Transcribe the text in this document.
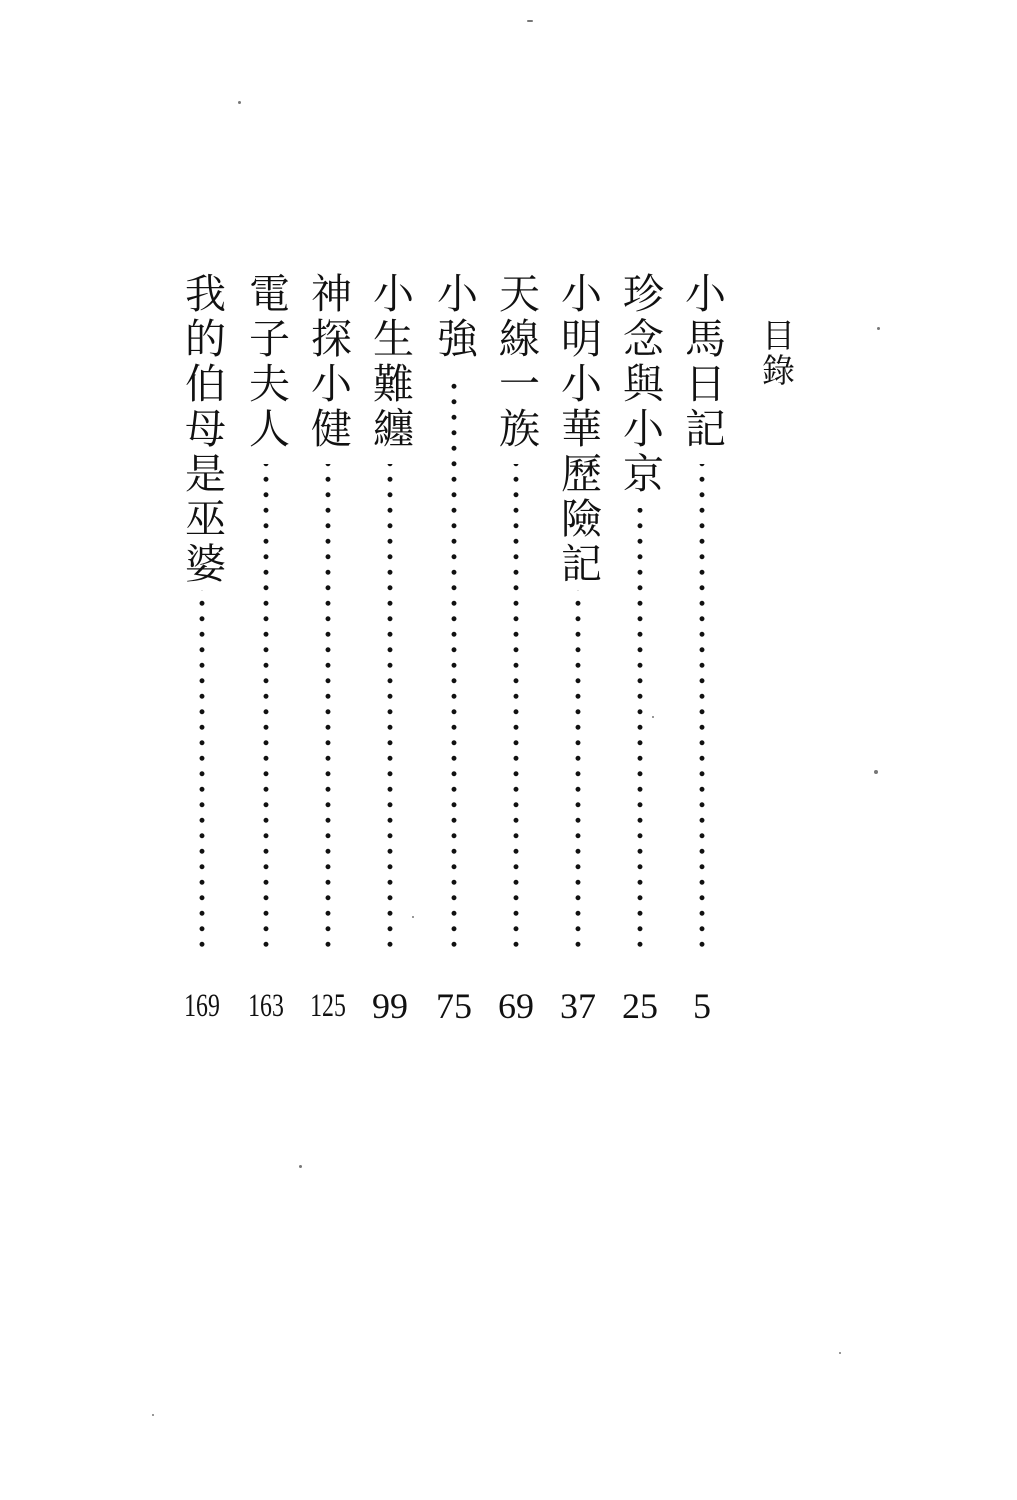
目錄
小馬日記
5
珍念與小京
25
小明小華歷險記
37
天線一族
69
小強
75
小生難纏
99
神探小健
125
電子夫人
163
我的伯母是巫婆
169
